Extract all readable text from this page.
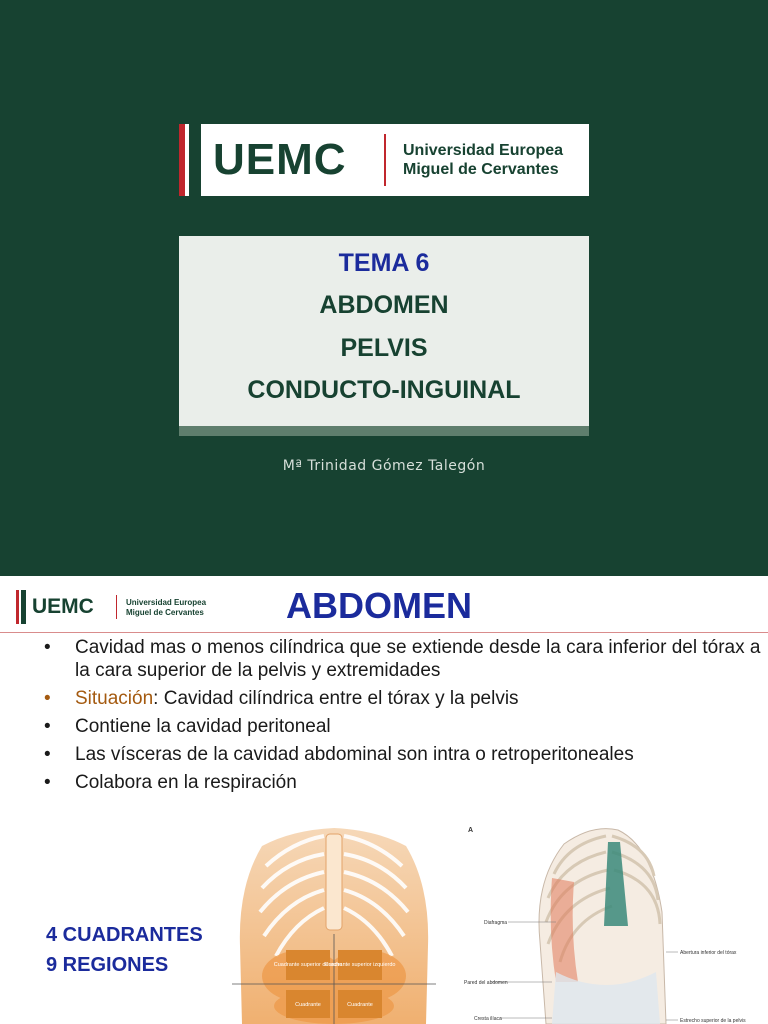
UEMC	Universidad Europea
Miguel de Cervantes
TEMA 6
ABDOMEN
PELVIS
CONDUCTO-INGUINAL
Mª Trinidad Gómez Talegón
UEMC	Universidad Europea
Miguel de Cervantes ABDOMEN
• Cavidad mas o menos cilíndrica que se extiende desde la cara inferior del tórax a la cara superior de la pelvis y extremidades
• Situación: Cavidad cilíndrica entre el tórax y la pelvis
• Contiene la cavidad peritoneal
• Las vísceras de la cavidad abdominal son intra o retroperitoneales
• Colabora en la respiración
4 CUADRANTES
9 REGIONES	Cuadrante superior derecho
Cuadrante superior izquierdo
Cuadrante	Cuadrante
A
Diafragma
Abertura inferior del tórax
Pared del abdomen
Cresta ilíaca	Estrecho superior de la pelvis
